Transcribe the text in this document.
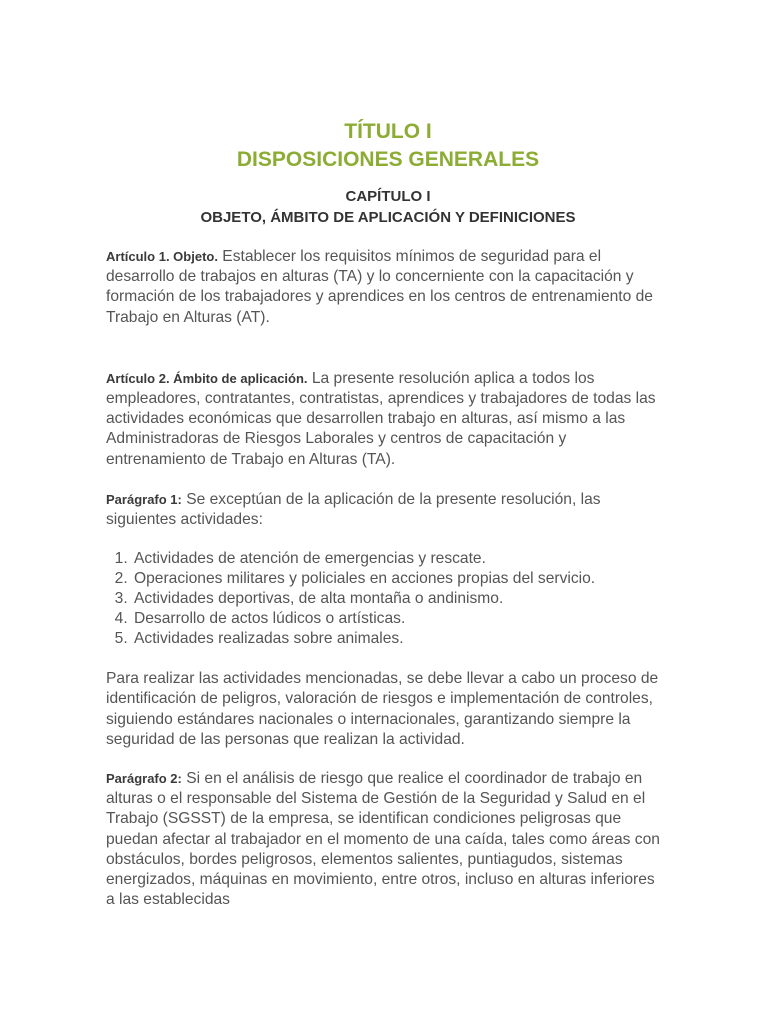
TÍTULO I
DISPOSICIONES GENERALES
CAPÍTULO I
OBJETO, ÁMBITO DE APLICACIÓN Y DEFINICIONES

Artículo 1. Objeto. Establecer los requisitos mínimos de seguridad para el desarrollo de trabajos en alturas (TA) y lo concerniente con la capacitación y formación de los trabajadores y aprendices en los centros de entrenamiento de Trabajo en Alturas (AT).

Artículo 2. Ámbito de aplicación. La presente resolución aplica a todos los empleadores, contratantes, contratistas, aprendices y trabajadores de todas las actividades económicas que desarrollen trabajo en alturas, así mismo a las Administradoras de Riesgos Laborales y centros de capacitación y entrenamiento de Trabajo en Alturas (TA).

Parágrafo 1: Se exceptúan de la aplicación de la presente resolución, las siguientes actividades:

1. Actividades de atención de emergencias y rescate.
2. Operaciones militares y policiales en acciones propias del servicio.
3. Actividades deportivas, de alta montaña o andinismo.
4. Desarrollo de actos lúdicos o artísticas.
5. Actividades realizadas sobre animales.

Para realizar las actividades mencionadas, se debe llevar a cabo un proceso de identificación de peligros, valoración de riesgos e implementación de controles, siguiendo estándares nacionales o internacionales, garantizando siempre la seguridad de las personas que realizan la actividad.

Parágrafo 2: Si en el análisis de riesgo que realice el coordinador de trabajo en alturas o el responsable del Sistema de Gestión de la Seguridad y Salud en el Trabajo (SGSST) de la empresa, se identifican condiciones peligrosas que puedan afectar al trabajador en el momento de una caída, tales como áreas con obstáculos, bordes peligrosos, elementos salientes, puntiagudos, sistemas energizados, máquinas en movimiento, entre otros, incluso en alturas inferiores a las establecidas
